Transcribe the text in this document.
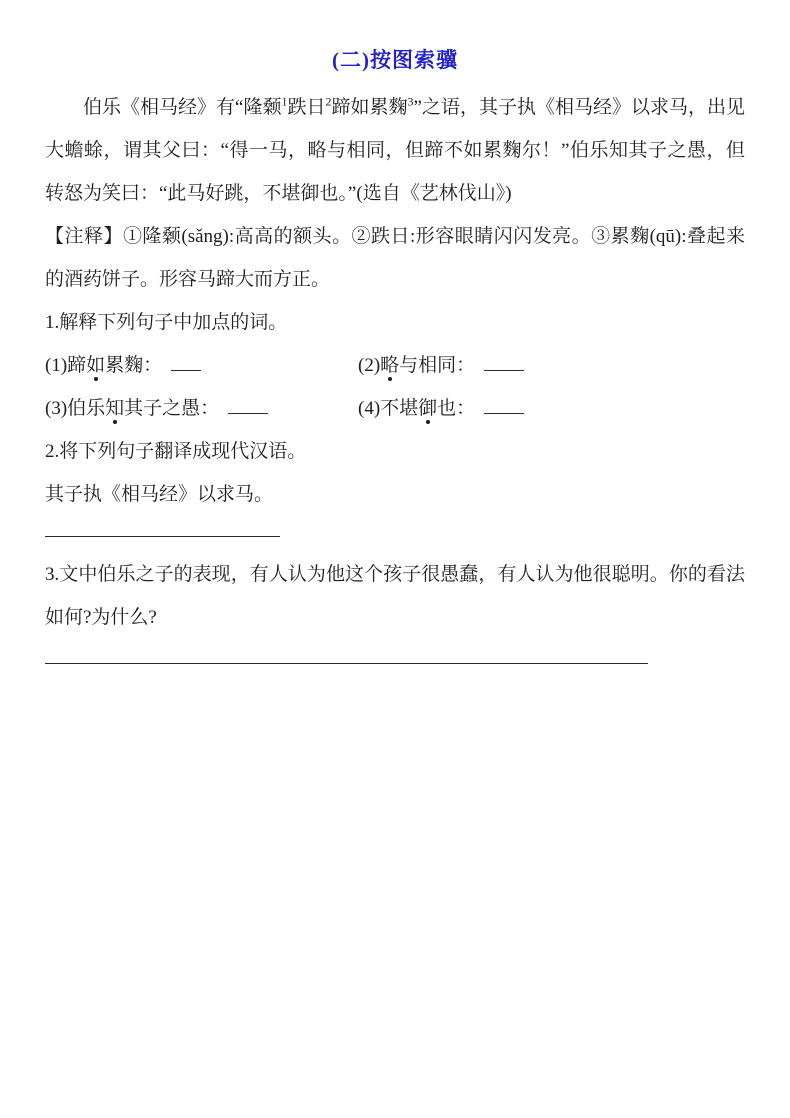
(二)按图索骥

伯乐《相马经》有“隆颡$^1$跌日$^2$蹄如累麴$^3$”之语，其子执《相马经》以求马，出见大蟾蜍，谓其父曰：“得一马，略与相同，但蹄不如累麴尔！”伯乐知其子之愚，但转怒为笑曰：“此马好跳，不堪御也。”(选自《艺林伐山》)

【注释】①隆颡(sǎng):高高的额头。②跌日:形容眼睛闪闪发亮。③累麴(qū):叠起来的酒药饼子。形容马蹄大而方正。

1.解释下列句子中加点的词。

(1)蹄如累麴：	(2)略与相同：

(3)伯乐知其子之愚：	(4)不堪御也：

2.将下列句子翻译成现代汉语。

其子执《相马经》以求马。

3.文中伯乐之子的表现，有人认为他这个孩子很愚蠢，有人认为他很聪明。你的看法如何?为什么?
